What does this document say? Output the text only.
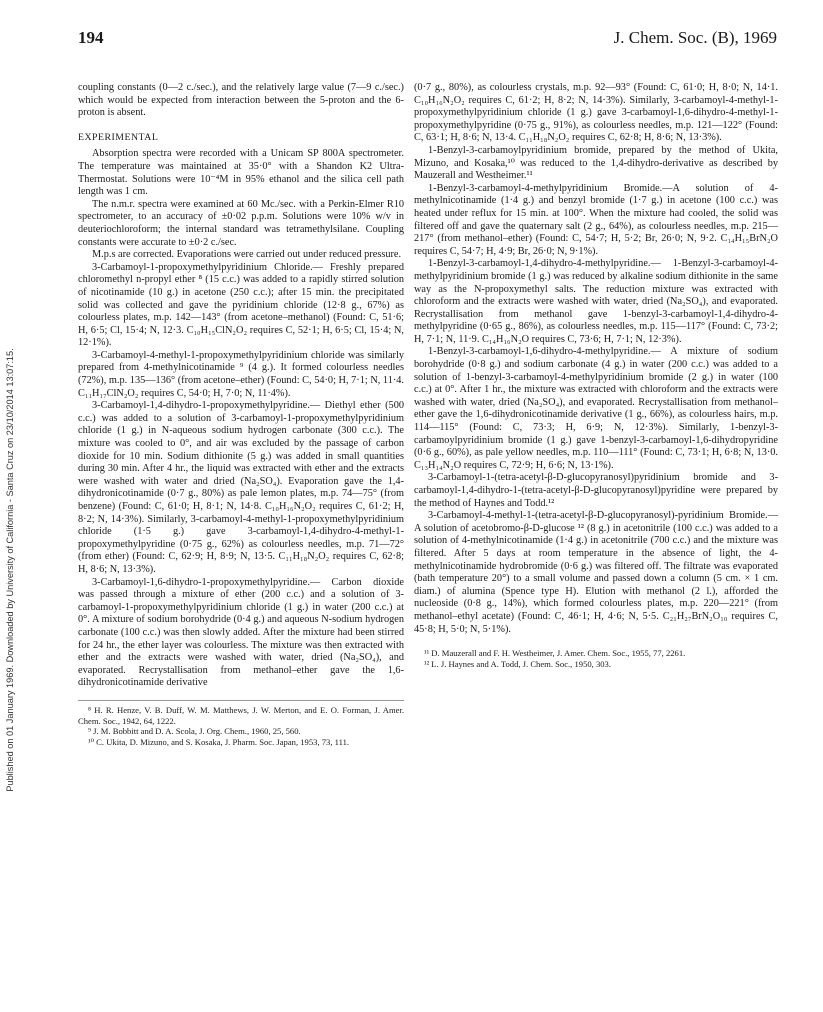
194	J. Chem. Soc. (B), 1969
Published on 01 January 1969. Downloaded by University of California - Santa Cruz on 23/10/2014 13:07:15.

coupling constants (0—2 c./sec.), and the relatively large value (7—9 c./sec.) which would be expected from interaction between the 5-proton and the 6-proton is absent.

EXPERIMENTAL

Absorption spectra were recorded with a Unicam SP 800A spectrometer. The temperature was maintained at 35·0° with a Shandon K2 Ultra-Thermostat. Solutions were 10⁻⁴M in 95% ethanol and the silica cell path length was 1 cm.

The n.m.r. spectra were examined at 60 Mc./sec. with a Perkin-Elmer R10 spectrometer, to an accuracy of ±0·02 p.p.m. Solutions were 10% w/v in deuteriochloroform; the internal standard was tetramethylsilane. Coupling constants were accurate to ±0·2 c./sec.

M.p.s are corrected. Evaporations were carried out under reduced pressure.

3-Carbamoyl-1-propoxymethylpyridinium Chloride.— Freshly prepared chloromethyl n-propyl ether ⁸ (15 c.c.) was added to a rapidly stirred solution of nicotinamide (10 g.) in acetone (250 c.c.); after 15 min. the precipitated solid was collected and gave the pyridinium chloride (12·8 g., 67%) as colourless plates, m.p. 142—143° (from acetone–methanol) (Found: C, 51·6; H, 6·5; Cl, 15·4; N, 12·3. C₁₀H₁₅ClN₂O₂ requires C, 52·1; H, 6·5; Cl, 15·4; N, 12·1%).

3-Carbamoyl-4-methyl-1-propoxymethylpyridinium chloride was similarly prepared from 4-methylnicotinamide ⁹ (4 g.). It formed colourless needles (72%), m.p. 135—136° (from acetone–ether) (Found: C, 54·0; H, 7·1; N, 11·4. C₁₁H₁₇ClN₂O₂ requires C, 54·0; H, 7·0; N, 11·4%).

3-Carbamoyl-1,4-dihydro-1-propoxymethylpyridine.— Diethyl ether (500 c.c.) was added to a solution of 3-carbamoyl-1-propoxymethylpyridinium chloride (1 g.) in N-aqueous sodium hydrogen carbonate (300 c.c.). The mixture was cooled to 0°, and air was excluded by the passage of carbon dioxide for 10 min. Sodium dithionite (5 g.) was added in small quantities during 30 min. After 4 hr., the liquid was extracted with ether and the extracts were washed with water and dried (Na₂SO₄). Evaporation gave the 1,4-dihydronicotinamide (0·7 g., 80%) as pale lemon plates, m.p. 74—75° (from benzene) (Found: C, 61·0; H, 8·1; N, 14·8. C₁₀H₁₆N₂O₂ requires C, 61·2; H, 8·2; N, 14·3%). Similarly, 3-carbamoyl-4-methyl-1-propoxymethylpyridinium chloride (1·5 g.) gave 3-carbamoyl-1,4-dihydro-4-methyl-1-propoxymethylpyridine (0·75 g., 62%) as colourless needles, m.p. 71—72° (from ether) (Found: C, 62·9; H, 8·9; N, 13·5. C₁₁H₁₈N₂O₂ requires C, 62·8; H, 8·6; N, 13·3%).

3-Carbamoyl-1,6-dihydro-1-propoxymethylpyridine.— Carbon dioxide was passed through a mixture of ether (200 c.c.) and a solution of 3-carbamoyl-1-propoxymethylpyridinium chloride (1 g.) in water (200 c.c.) at 0°. A mixture of sodium borohydride (0·4 g.) and aqueous N-sodium hydrogen carbonate (100 c.c.) was then slowly added. After the mixture had been stirred for 24 hr., the ether layer was colourless. The mixture was then extracted with ether and the extracts were washed with water, dried (Na₂SO₄), and evaporated. Recrystallisation from methanol–ether gave the 1,6-dihydronicotinamide derivative

⁸ H. R. Henze, V. B. Duff, W. M. Matthews, J. W. Merton, and E. O. Forman, J. Amer. Chem. Soc., 1942, 64, 1222.

⁹ J. M. Bobbitt and D. A. Scola, J. Org. Chem., 1960, 25, 560.

¹⁰ C. Ukita, D. Mizuno, and S. Kosaka, J. Pharm. Soc. Japan, 1953, 73, 111.

(0·7 g., 80%), as colourless crystals, m.p. 92—93° (Found: C, 61·0; H, 8·0; N, 14·1. C₁₀H₁₆N₂O₂ requires C, 61·2; H, 8·2; N, 14·3%). Similarly, 3-carbamoyl-4-methyl-1-propoxymethylpyridinium chloride (1 g.) gave 3-carbamoyl-1,6-dihydro-4-methyl-1-propoxymethylpyridine (0·75 g., 91%), as colourless needles, m.p. 121—122° (Found: C, 63·1; H, 8·6; N, 13·4. C₁₁H₁₈N₂O₂ requires C, 62·8; H, 8·6; N, 13·3%).

1-Benzyl-3-carbamoylpyridinium bromide, prepared by the method of Ukita, Mizuno, and Kosaka,¹⁰ was reduced to the 1,4-dihydro-derivative as described by Mauzerall and Westheimer.¹¹

1-Benzyl-3-carbamoyl-4-methylpyridinium Bromide.—A solution of 4-methylnicotinamide (1·4 g.) and benzyl bromide (1·7 g.) in acetone (100 c.c.) was heated under reflux for 15 min. at 100°. When the mixture had cooled, the solid was filtered off and gave the quaternary salt (2 g., 64%), as colourless needles, m.p. 215—217° (from methanol–ether) (Found: C, 54·7; H, 5·2; Br, 26·0; N, 9·2. C₁₄H₁₅BrN₂O requires C, 54·7; H, 4·9; Br, 26·0; N, 9·1%).

1-Benzyl-3-carbamoyl-1,4-dihydro-4-methylpyridine.— 1-Benzyl-3-carbamoyl-4-methylpyridinium bromide (1 g.) was reduced by alkaline sodium dithionite in the same way as the N-propoxymethyl salts. The reduction mixture was extracted with chloroform and the extracts were washed with water, dried (Na₂SO₄), and evaporated. Recrystallisation from methanol gave 1-benzyl-3-carbamoyl-1,4-dihydro-4-methylpyridine (0·65 g., 86%), as colourless needles, m.p. 115—117° (Found: C, 73·2; H, 7·1; N, 11·9. C₁₄H₁₆N₂O requires C, 73·6; H, 7·1; N, 12·3%).

1-Benzyl-3-carbamoyl-1,6-dihydro-4-methylpyridine.— A mixture of sodium borohydride (0·8 g.) and sodium carbonate (4 g.) in water (200 c.c.) was added to a solution of 1-benzyl-3-carbamoyl-4-methylpyridinium bromide (2 g.) in water (100 c.c.) at 0°. After 1 hr., the mixture was extracted with chloroform and the extracts were washed with water, dried (Na₂SO₄), and evaporated. Recrystallisation from methanol–ether gave the 1,6-dihydronicotinamide derivative (1 g., 66%), as colourless hairs, m.p. 114—115° (Found: C, 73·3; H, 6·9; N, 12·3%). Similarly, 1-benzyl-3-carbamoylpyridinium bromide (1 g.) gave 1-benzyl-3-carbamoyl-1,6-dihydropyridine (0·6 g., 60%), as pale yellow needles, m.p. 110—111° (Found: C, 73·1; H, 6·8; N, 13·0. C₁₃H₁₄N₂O requires C, 72·9; H, 6·6; N, 13·1%).

3-Carbamoyl-1-(tetra-acetyl-β-D-glucopyranosyl)pyridinium bromide and 3-carbamoyl-1,4-dihydro-1-(tetra-acetyl-β-D-glucopyranosyl)pyridine were prepared by the method of Haynes and Todd.¹²

3-Carbamoyl-4-methyl-1-(tetra-acetyl-β-D-glucopyranosyl)-pyridinium Bromide.—A solution of acetobromo-β-D-glucose ¹² (8 g.) in acetonitrile (100 c.c.) was added to a solution of 4-methylnicotinamide (1·4 g.) in acetonitrile (700 c.c.) and the mixture was filtered. After 5 days at room temperature in the absence of light, the 4-methylnicotinamide hydrobromide (0·6 g.) was filtered off. The filtrate was evaporated (bath temperature 20°) to a small volume and passed down a column (5 cm. × 1 cm. diam.) of alumina (Spence type H). Elution with methanol (2 l.), afforded the nucleoside (0·8 g., 14%), which formed colourless plates, m.p. 220—221° (from methanol–ethyl acetate) (Found: C, 46·1; H, 4·6; N, 5·5. C₂₁H₂₇BrN₂O₁₀ requires C, 45·8; H, 5·0; N, 5·1%).

¹¹ D. Mauzerall and F. H. Westheimer, J. Amer. Chem. Soc., 1955, 77, 2261.

¹² L. J. Haynes and A. Todd, J. Chem. Soc., 1950, 303.
